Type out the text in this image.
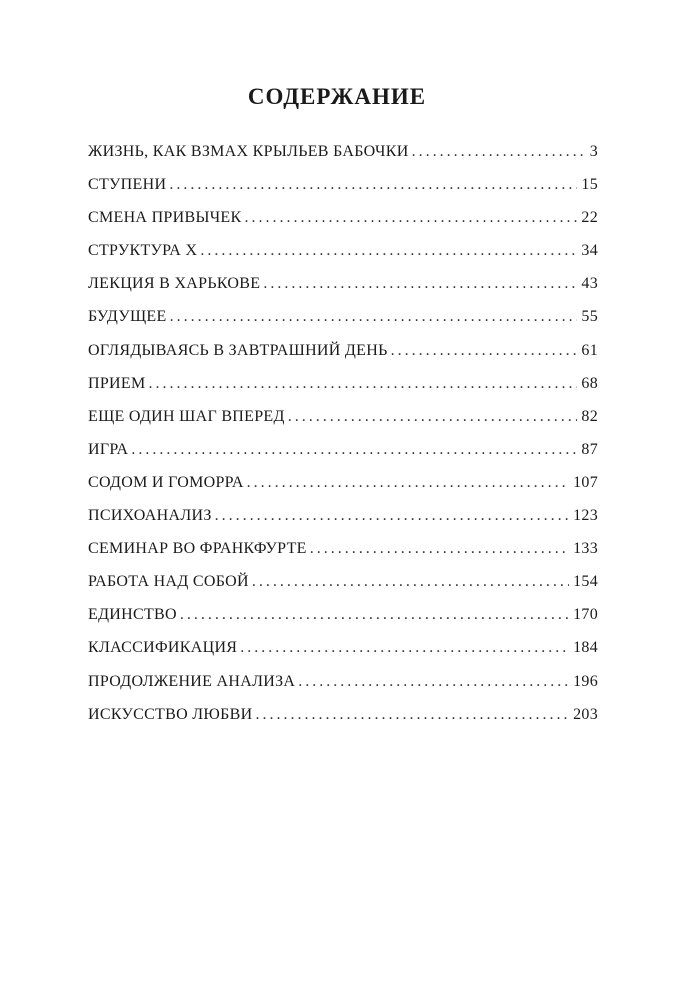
СОДЕРЖАНИЕ
ЖИЗНЬ, КАК ВЗМАХ КРЫЛЬЕВ БАБОЧКИ .....	3
СТУПЕНИ .....	15
СМЕНА ПРИВЫЧЕК .....	22
СТРУКТУРА Х .....	34
ЛЕКЦИЯ В ХАРЬКОВЕ .....	43
БУДУЩЕЕ .....	55
ОГЛЯДЫВАЯСЬ В ЗАВТРАШНИЙ ДЕНЬ .....	61
ПРИЕМ .....	68
ЕЩЕ ОДИН ШАГ ВПЕРЕД .....	82
ИГРА .....	87
СОДОМ И ГОМОРРА .....	107
ПСИХОАНАЛИЗ .....	123
СЕМИНАР ВО ФРАНКФУРТЕ .....	133
РАБОТА НАД СОБОЙ .....	154
ЕДИНСТВО .....	170
КЛАССИФИКАЦИЯ .....	184
ПРОДОЛЖЕНИЕ АНАЛИЗА .....	196
ИСКУССТВО ЛЮБВИ .....	203
